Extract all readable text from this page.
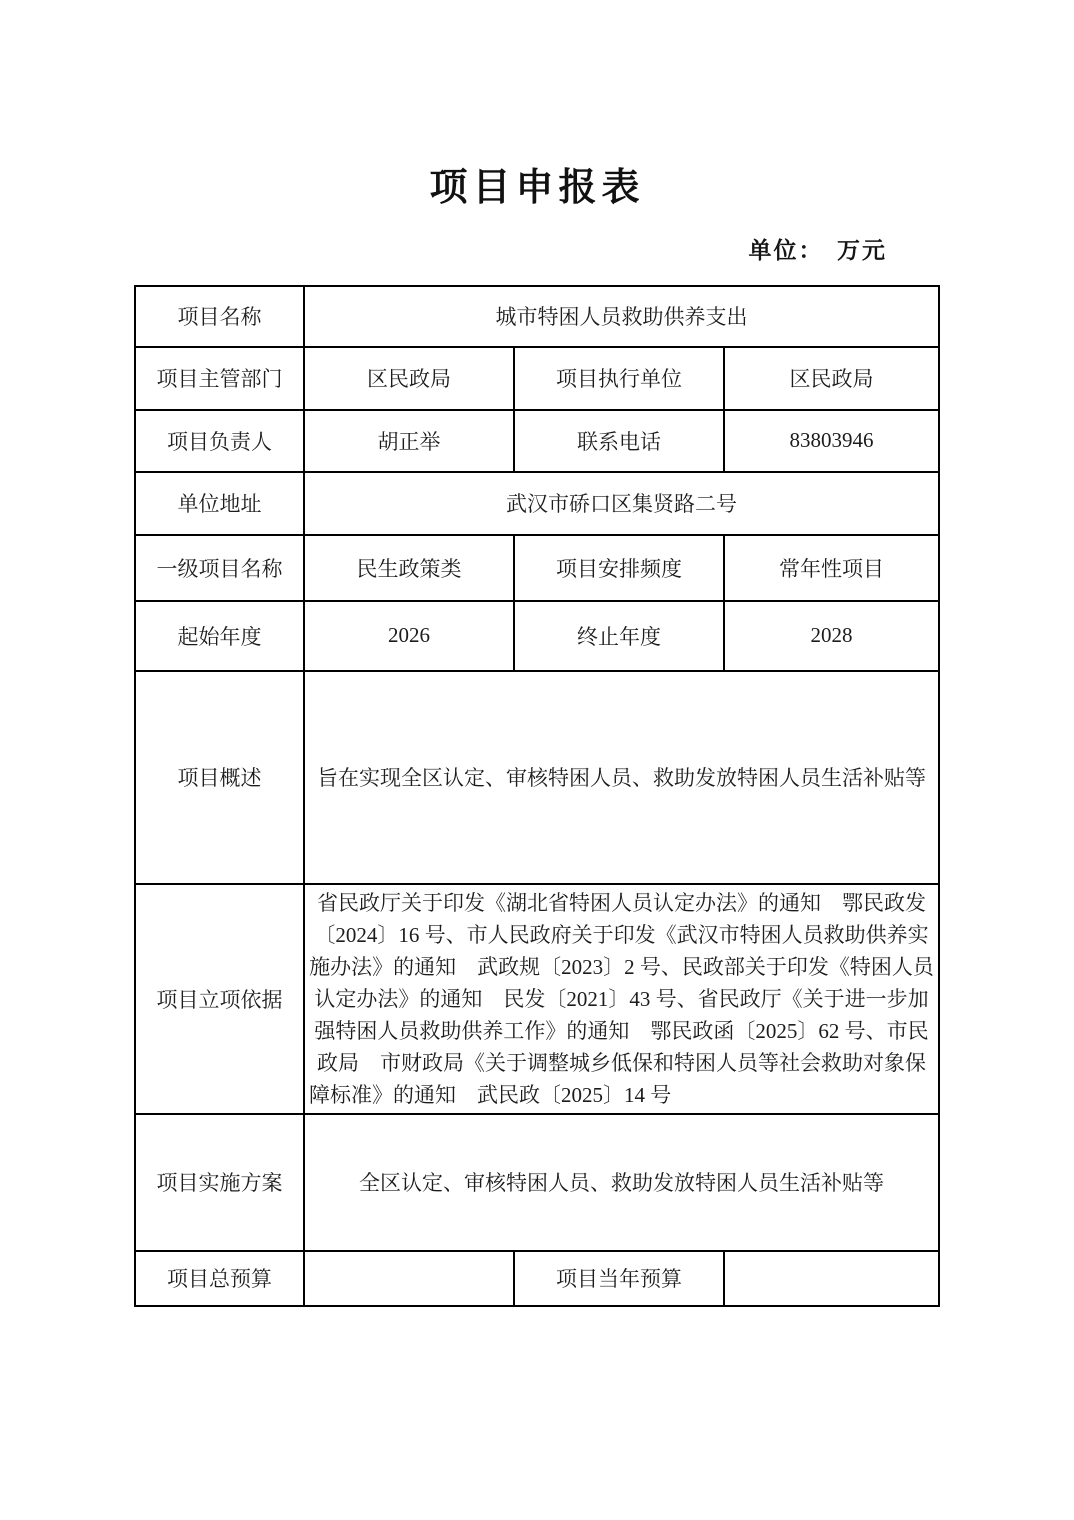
项目申报表
单位：　万元
项目名称	城市特困人员救助供养支出		
项目主管部门	区民政局	项目执行单位	区民政局
项目负责人	胡正举	联系电话	83803946
单位地址	武汉市硚口区集贤路二号		
一级项目名称	民生政策类	项目安排频度	常年性项目
起始年度	2026	终止年度	2028
项目概述	旨在实现全区认定、审核特困人员、救助发放特困人员生活补贴等		
项目立项依据	省民政厅关于印发《湖北省特困人员认定办法》的通知　鄂民政发〔2024〕16 号、市人民政府关于印发《武汉市特困人员救助供养实施办法》的通知　武政规〔2023〕2 号、民政部关于印发《特困人员认定办法》的通知　民发〔2021〕43 号、省民政厅《关于进一步加强特困人员救助供养工作》的通知　鄂民政函〔2025〕62 号、市民政局　市财政局《关于调整城乡低保和特困人员等社会救助对象保障标准》的通知　武民政〔2025〕14 号		
项目实施方案	全区认定、审核特困人员、救助发放特困人员生活补贴等		
项目总预算		项目当年预算	
